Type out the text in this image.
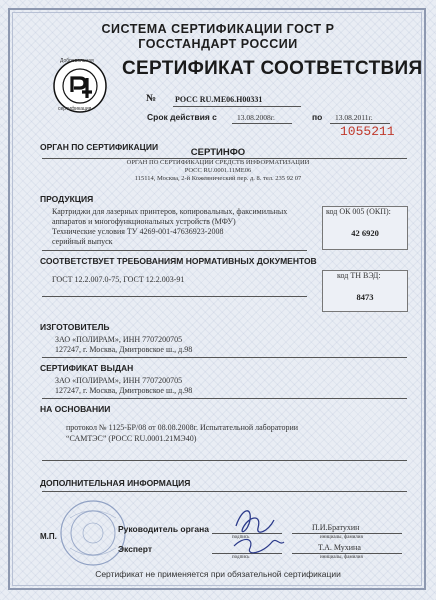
СИСТЕМА СЕРТИФИКАЦИИ ГОСТ Р
ГОССТАНДАРТ РОССИИ
Добровольная
сертификация
СЕРТИФИКАТ СООТВЕТСТВИЯ
№ РОСС RU.ME06.H00331
Срок действия с	13.08.2008г.	по 13.08.2011г.
1055211
ОРГАН ПО СЕРТИФИКАЦИИ	СЕРТИНФО
ОРГАН ПО СЕРТИФИКАЦИИ СРЕДСТВ ИНФОРМАТИЗАЦИИ
РОСС RU.0001.11ME06
115114, Москва, 2-й Кожевнический пер. д. 8. тел. 235 92 07
ПРОДУКЦИЯ
Картриджи для лазерных принтеров, копировальных, факсимильных
аппаратов и многофункциональных устройств (МФУ)
Технические условия ТУ 4269-001-47636923-2008
серийный выпуск
код ОК 005 (ОКП):
42 6920
СООТВЕТСТВУЕТ ТРЕБОВАНИЯМ НОРМАТИВНЫХ ДОКУМЕНТОВ
ГОСТ 12.2.007.0-75, ГОСТ 12.2.003-91	код ТН ВЭД:
8473
ИЗГОТОВИТЕЛЬ
ЗАО «ПОЛИРАМ», ИНН 7707200705
127247, г. Москва, Дмитровское ш., д.98
СЕРТИФИКАТ ВЫДАН
ЗАО «ПОЛИРАМ», ИНН 7707200705
127247, г. Москва, Дмитровское ш., д.98
НА ОСНОВАНИИ
протокол № 1125-БР/08 от 08.08.2008г. Испытательной лаборатории
“САМТЭС” (РОСС RU.0001.21МЭ40)
ДОПОЛНИТЕЛЬНАЯ ИНФОРМАЦИЯ
М.П.
Руководитель органа	П.И.Братухин
подпись	инициалы, фамилия
Эксперт	Т.А. Мухина
подпись	инициалы, фамилия
Сертификат не применяется при обязательной сертификации
